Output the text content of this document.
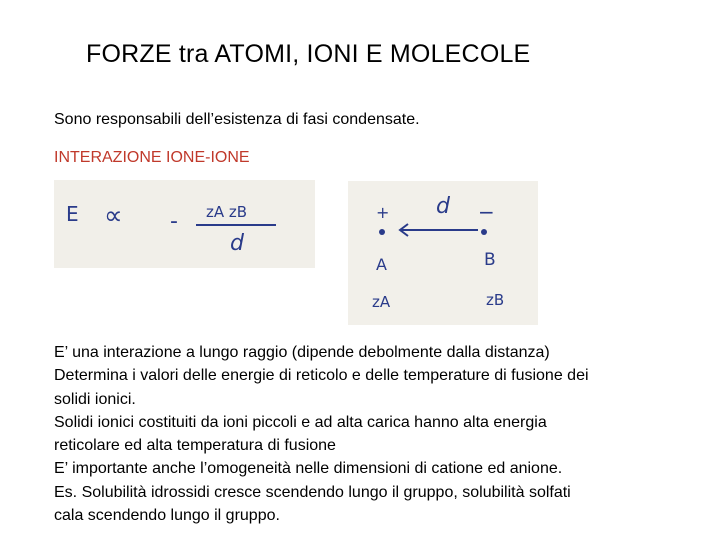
FORZE tra ATOMI, IONI E MOLECOLE
Sono responsabili dell’esistenza di fasi condensate.
INTERAZIONE IONE-IONE
E ∝ - zA zB
d
d
+	−
A	B
zA	zB
E’ una interazione a lungo raggio (dipende debolmente dalla distanza)
Determina i valori delle energie di reticolo e delle temperature di fusione dei
solidi ionici.
Solidi ionici costituiti da ioni piccoli e ad alta carica hanno alta energia
reticolare ed alta temperatura di fusione
E’ importante anche l’omogeneità nelle dimensioni di catione ed anione.
Es. Solubilità idrossidi cresce scendendo lungo il gruppo, solubilità solfati
cala scendendo lungo il gruppo.
